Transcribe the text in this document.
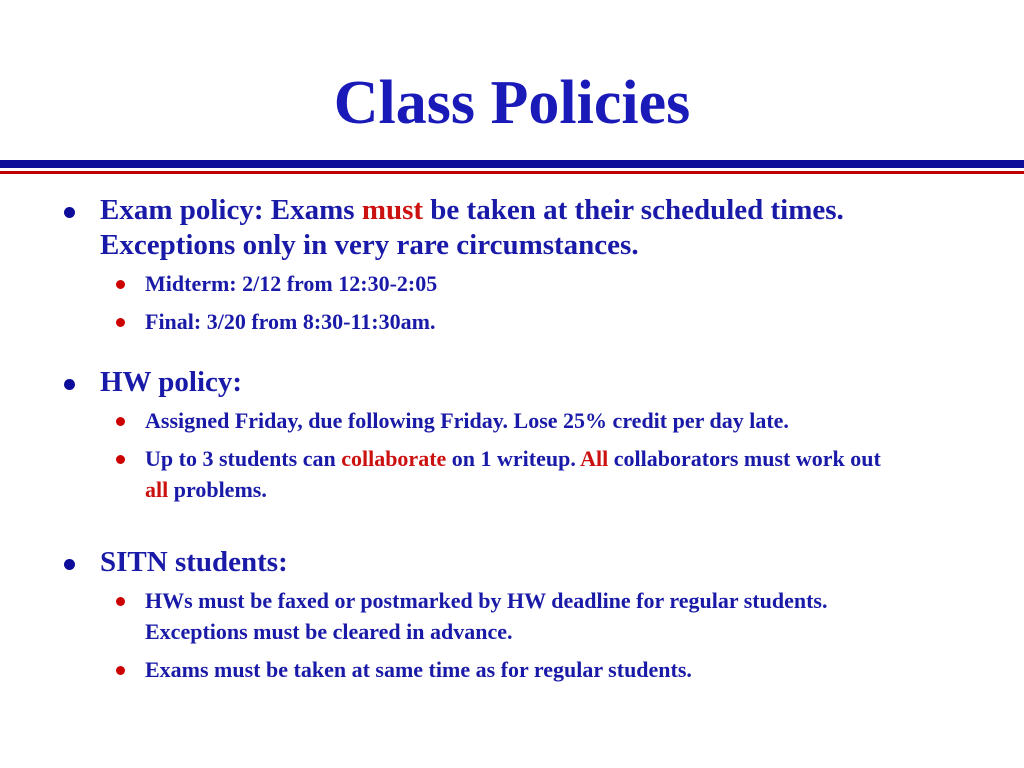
Class Policies
Exam policy: Exams must be taken at their scheduled times. Exceptions only in very rare circumstances.
Midterm: 2/12 from 12:30-2:05
Final: 3/20 from 8:30-11:30am.
HW policy:
Assigned Friday, due following Friday. Lose 25% credit per day late.
Up to 3 students can collaborate on 1 writeup. All collaborators must work out all problems.
SITN students:
HWs must be faxed or postmarked by HW deadline for regular students. Exceptions must be cleared in advance.
Exams must be taken at same time as for regular students.
